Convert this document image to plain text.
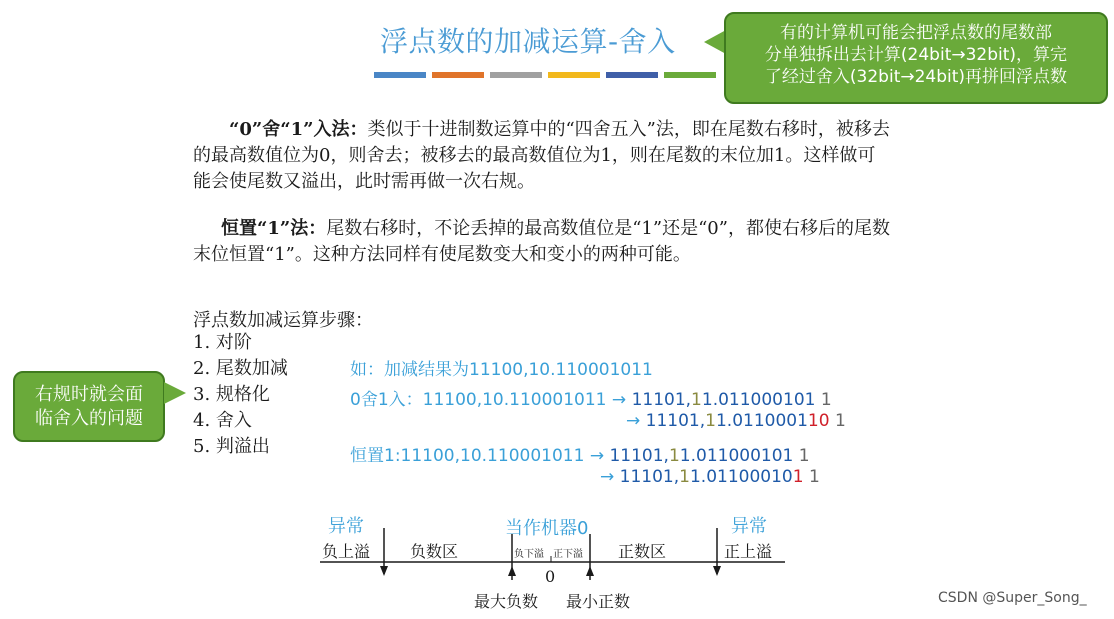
浮点数的加减运算-舍入	有的计算机可能会把浮点数的尾数部
分单独拆出去计算(24bit→32bit)，算完
了经过舍入(32bit→24bit)再拼回浮点数
“0”舍“1”入法：类似于十进制数运算中的“四舍五入”法，即在尾数右移时，被移去的最高数值位为0，则舍去；被移去的最高数值位为1，则在尾数的末位加1。这样做可能会使尾数又溢出，此时需再做一次右规。
恒置“1”法：尾数右移时，不论丢掉的最高数值位是“1”还是“0”，都使右移后的尾数末位恒置“1”。这种方法同样有使尾数变大和变小的两种可能。
浮点数加减运算步骤：
1. 对阶
2. 尾数加减
3. 规格化
4. 舍入
5. 判溢出
右规时就会面
临舍入的问题
如：加减结果为11100,10.110001011
0舍1入：11100,10.110001011 → 11101,11.011000101 1
→ 11101,11.011000110 1
恒置1:11100,10.110001011 → 11101,11.011000101 1
→ 11101,11.011000101 1
异常
负上溢 负数区
当作机器0
负下溢 正下溢 正数区
异常
正上溢
0
最大负数 最小正数	CSDN @Super_Song_
